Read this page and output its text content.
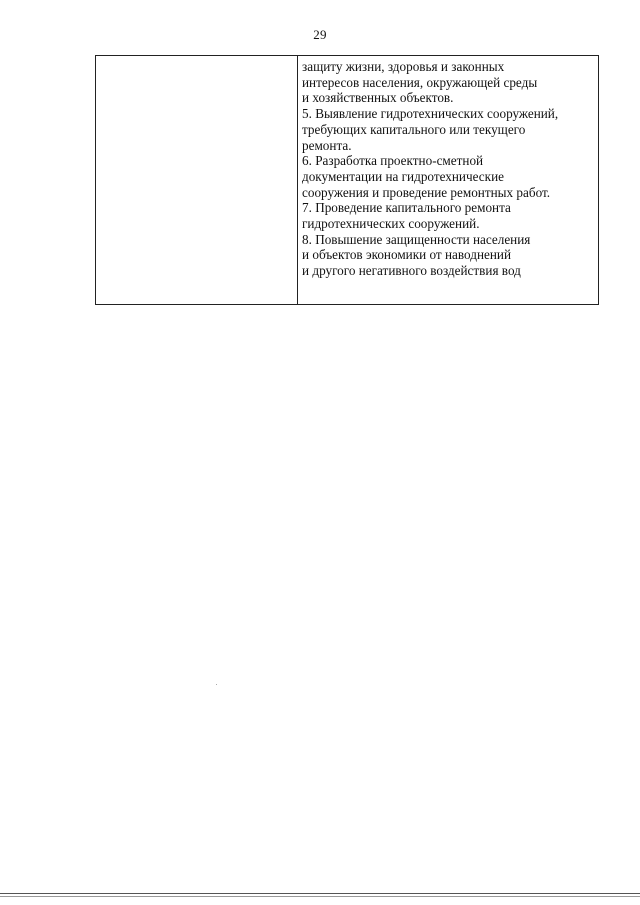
29
защиту жизни, здоровья и законных
интересов населения, окружающей среды
и хозяйственных объектов.
5. Выявление гидротехнических сооружений,
требующих капитального или текущего
ремонта.
6. Разработка проектно-сметной
документации на гидротехнические
сооружения и проведение ремонтных работ.
7. Проведение капитального ремонта
гидротехнических сооружений.
8. Повышение защищенности населения
и объектов экономики от наводнений
и другого негативного воздействия вод
